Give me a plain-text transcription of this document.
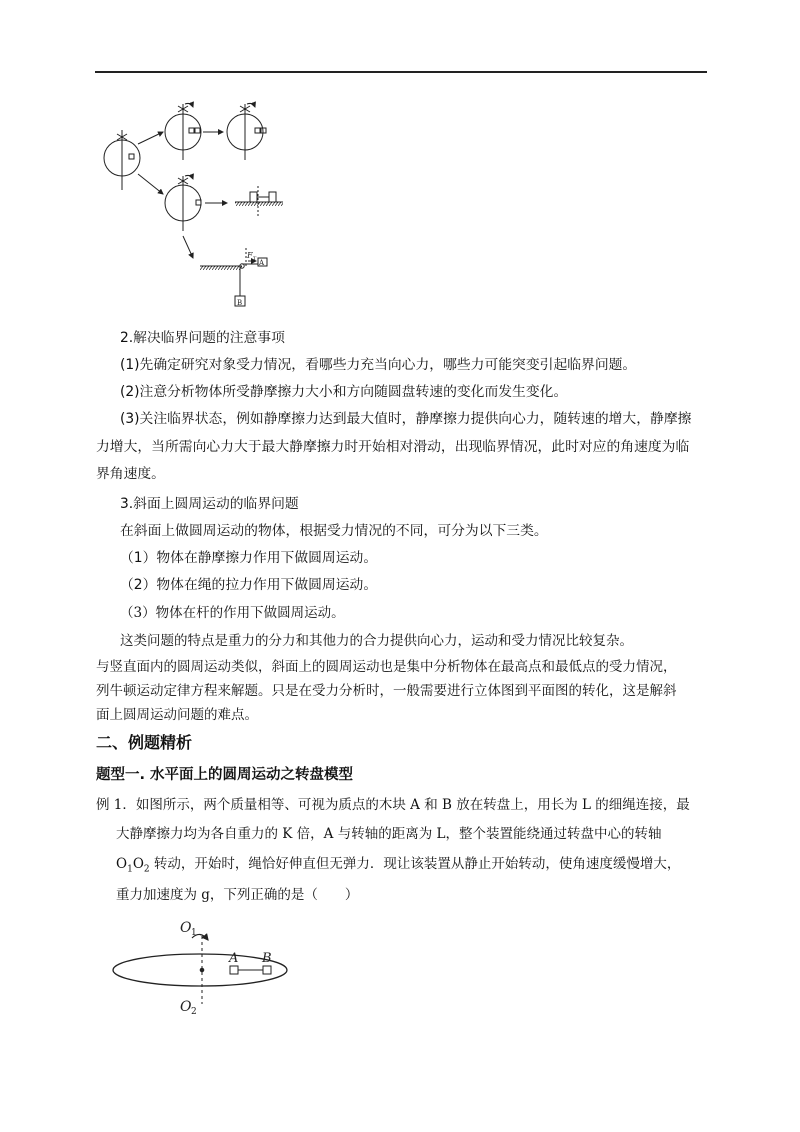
F T A
B
2.解决临界问题的注意事项
(1)先确定研究对象受力情况，看哪些力充当向心力，哪些力可能突变引起临界问题。
(2)注意分析物体所受静摩擦力大小和方向随圆盘转速的变化而发生变化。
(3)关注临界状态，例如静摩擦力达到最大值时，静摩擦力提供向心力，随转速的增大，静摩擦
力增大，当所需向心力大于最大静摩擦力时开始相对滑动，出现临界情况，此时对应的角速度为临
界角速度。
3.斜面上圆周运动的临界问题
在斜面上做圆周运动的物体，根据受力情况的不同，可分为以下三类。
（1）物体在静摩擦力作用下做圆周运动。
（2）物体在绳的拉力作用下做圆周运动。
（3）物体在杆的作用下做圆周运动。
这类问题的特点是重力的分力和其他力的合力提供向心力，运动和受力情况比较复杂。
与竖直面内的圆周运动类似，斜面上的圆周运动也是集中分析物体在最高点和最低点的受力情况，
列牛顿运动定律方程来解题。只是在受力分析时，一般需要进行立体图到平面图的转化，这是解斜
面上圆周运动问题的难点。
二、例题精析
题型一. 水平面上的圆周运动之转盘模型
例 1．如图所示，两个质量相等、可视为质点的木块 A 和 B 放在转盘上，用长为 L 的细绳连接，最
大静摩擦力均为各自重力的 K 倍，A 与转轴的距离为 L，整个装置能绕通过转盘中心的转轴
$O_1O_2$ 转动，开始时，绳恰好伸直但无弹力．现让该装置从静止开始转动，使角速度缓慢增大，
重力加速度为 g，下列正确的是（　　）
O 1
O 2
A B
